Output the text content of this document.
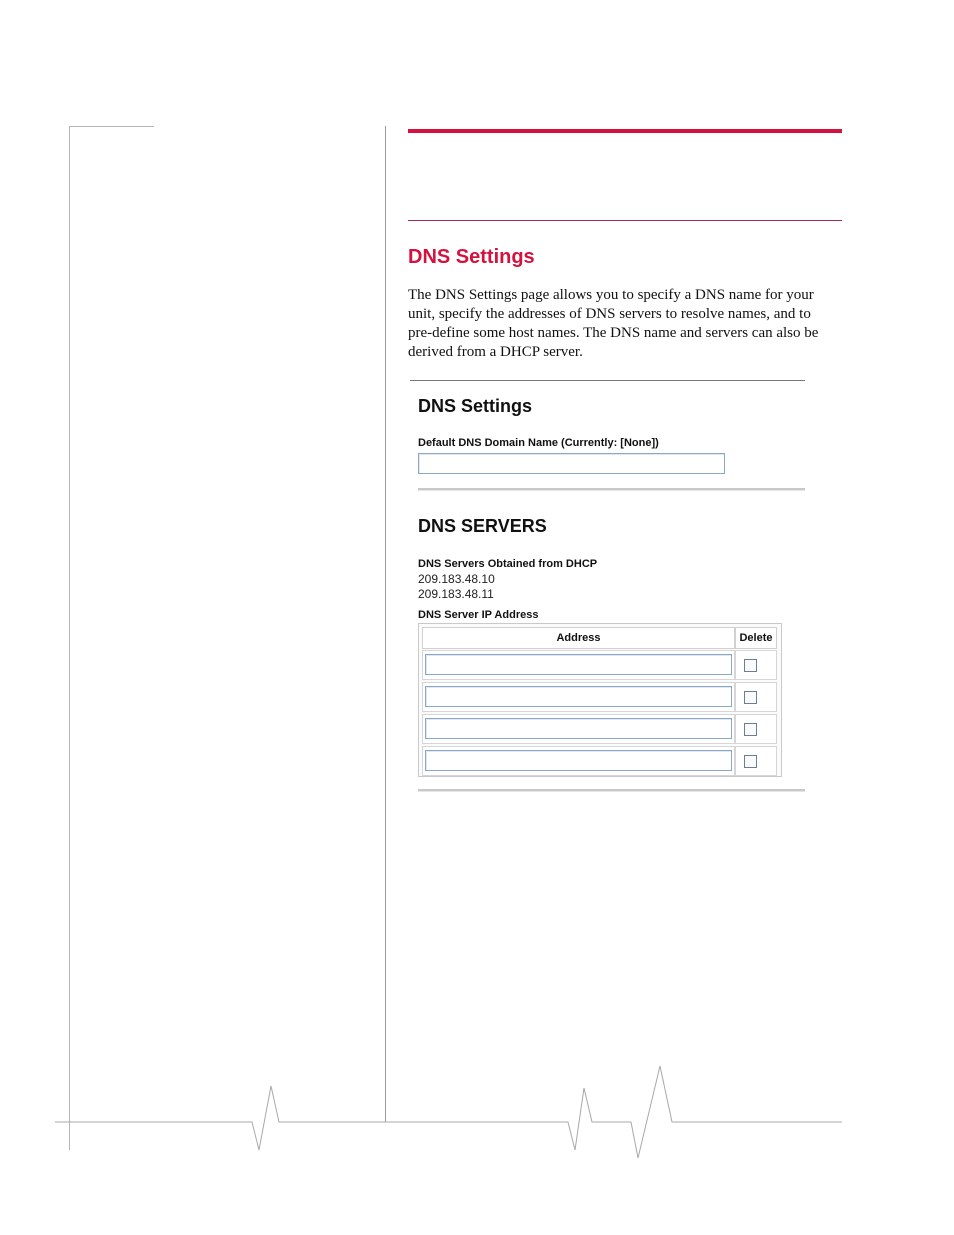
DNS Settings
The DNS Settings page allows you to specify a DNS name for your unit, specify the addresses of DNS servers to resolve names, and to pre-define some host names. The DNS name and servers can also be derived from a DHCP server.
DNS Settings
Default DNS Domain Name (Currently: [None])
DNS SERVERS
DNS Servers Obtained from DHCP
209.183.48.10
209.183.48.11
DNS Server IP Address
Address	Delete
